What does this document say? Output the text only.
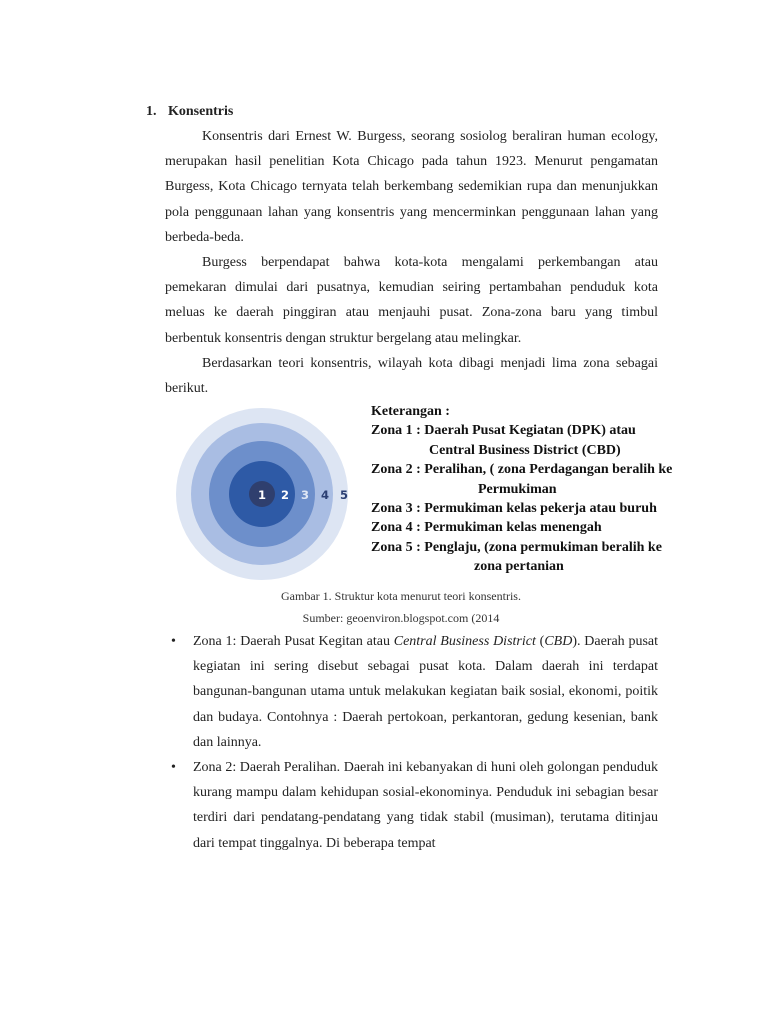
1. Konsentris

Konsentris dari Ernest W. Burgess, seorang sosiolog beraliran human ecology, merupakan hasil penelitian Kota Chicago pada tahun 1923. Menurut pengamatan Burgess, Kota Chicago ternyata telah berkembang sedemikian rupa dan menunjukkan pola penggunaan lahan yang konsentris yang mencerminkan penggunaan lahan yang berbeda-beda.

Burgess berpendapat bahwa kota-kota mengalami perkembangan atau pemekaran dimulai dari pusatnya, kemudian seiring pertambahan penduduk kota meluas ke daerah pinggiran atau menjauhi pusat. Zona-zona baru yang timbul berbentuk konsentris dengan struktur bergelang atau melingkar.

Berdasarkan teori konsentris, wilayah kota dibagi menjadi lima zona sebagai berikut.

1 2 3 4 5
Keterangan :
Zona 1 : Daerah Pusat Kegiatan (DPK) atau
Central Business District (CBD)
Zona 2 : Peralihan, ( zona Perdagangan beralih ke
Permukiman
Zona 3 : Permukiman kelas pekerja atau buruh
Zona 4 : Permukiman kelas menengah
Zona 5 : Penglaju, (zona permukiman beralih ke
zona pertanian
Gambar 1. Struktur kota menurut teori konsentris.
Sumber: geoenviron.blogspot.com (2014
• Zona 1: Daerah Pusat Kegitan atau Central Business District (CBD). Daerah pusat kegiatan ini sering disebut sebagai pusat kota. Dalam daerah ini terdapat bangunan-bangunan utama untuk melakukan kegiatan baik sosial, ekonomi, poitik dan budaya. Contohnya : Daerah pertokoan, perkantoran, gedung kesenian, bank dan lainnya.
• Zona 2: Daerah Peralihan. Daerah ini kebanyakan di huni oleh golongan penduduk kurang mampu dalam kehidupan sosial-ekonominya. Penduduk ini sebagian besar terdiri dari pendatang-pendatang yang tidak stabil (musiman), terutama ditinjau dari tempat tinggalnya. Di beberapa tempat
